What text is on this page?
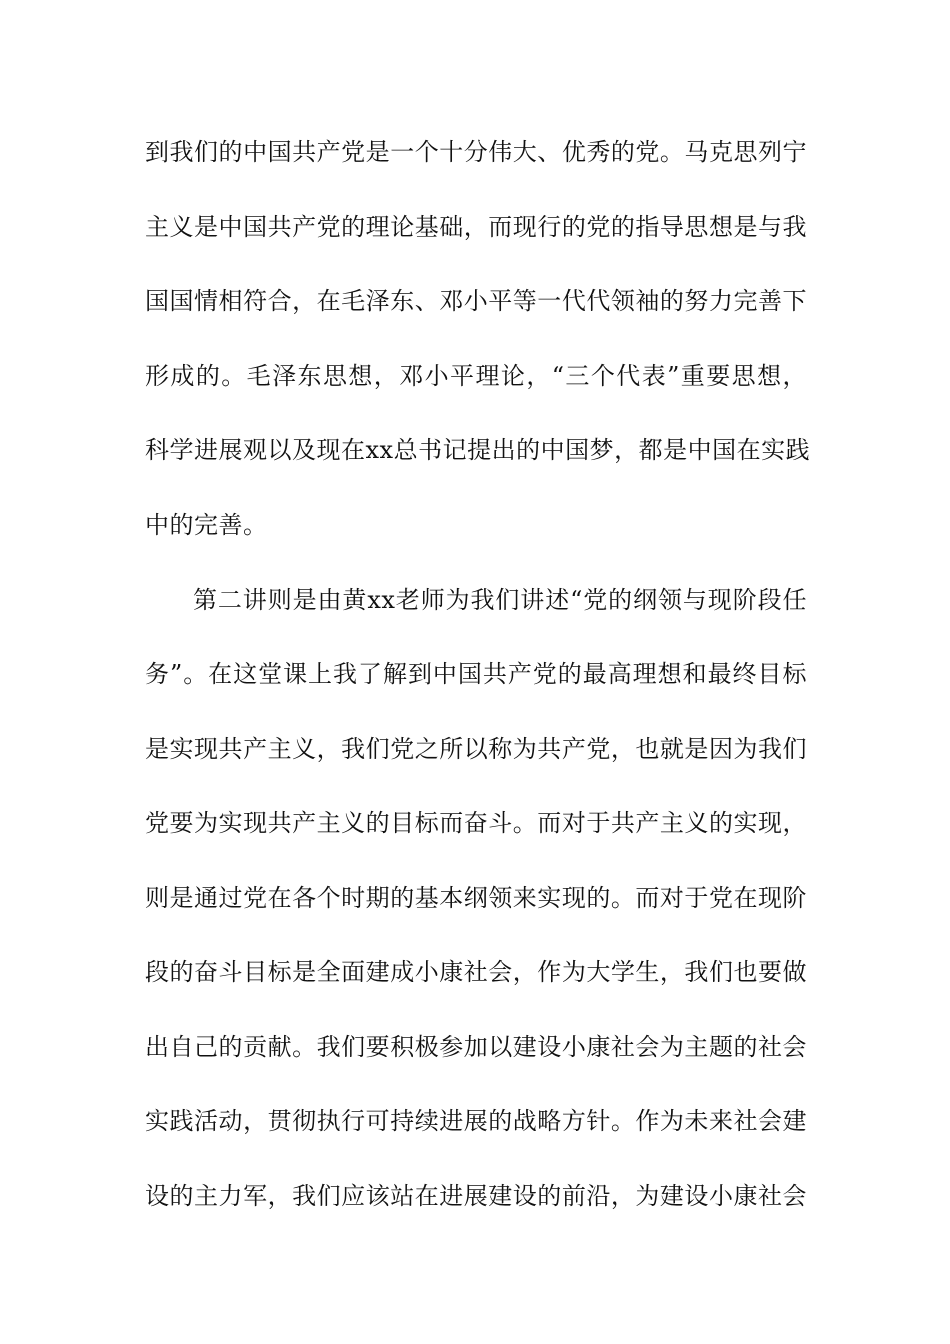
到我们的中国共产党是一个十分伟大、优秀的党。马克思列宁
主义是中国共产党的理论基础，而现行的党的指导思想是与我
国国情相符合，在毛泽东、邓小平等一代代领袖的努力完善下
形成的。毛泽东思想，邓小平理论，“三个代表”重要思想，
科学进展观以及现在xx总书记提出的中国梦，都是中国在实践
中的完善。
第二讲则是由黄xx老师为我们讲述“党的纲领与现阶段任
务”。在这堂课上我了解到中国共产党的最高理想和最终目标
是实现共产主义，我们党之所以称为共产党，也就是因为我们
党要为实现共产主义的目标而奋斗。而对于共产主义的实现，
则是通过党在各个时期的基本纲领来实现的。而对于党在现阶
段的奋斗目标是全面建成小康社会，作为大学生，我们也要做
出自己的贡献。我们要积极参加以建设小康社会为主题的社会
实践活动，贯彻执行可持续进展的战略方针。作为未来社会建
设的主力军，我们应该站在进展建设的前沿，为建设小康社会
